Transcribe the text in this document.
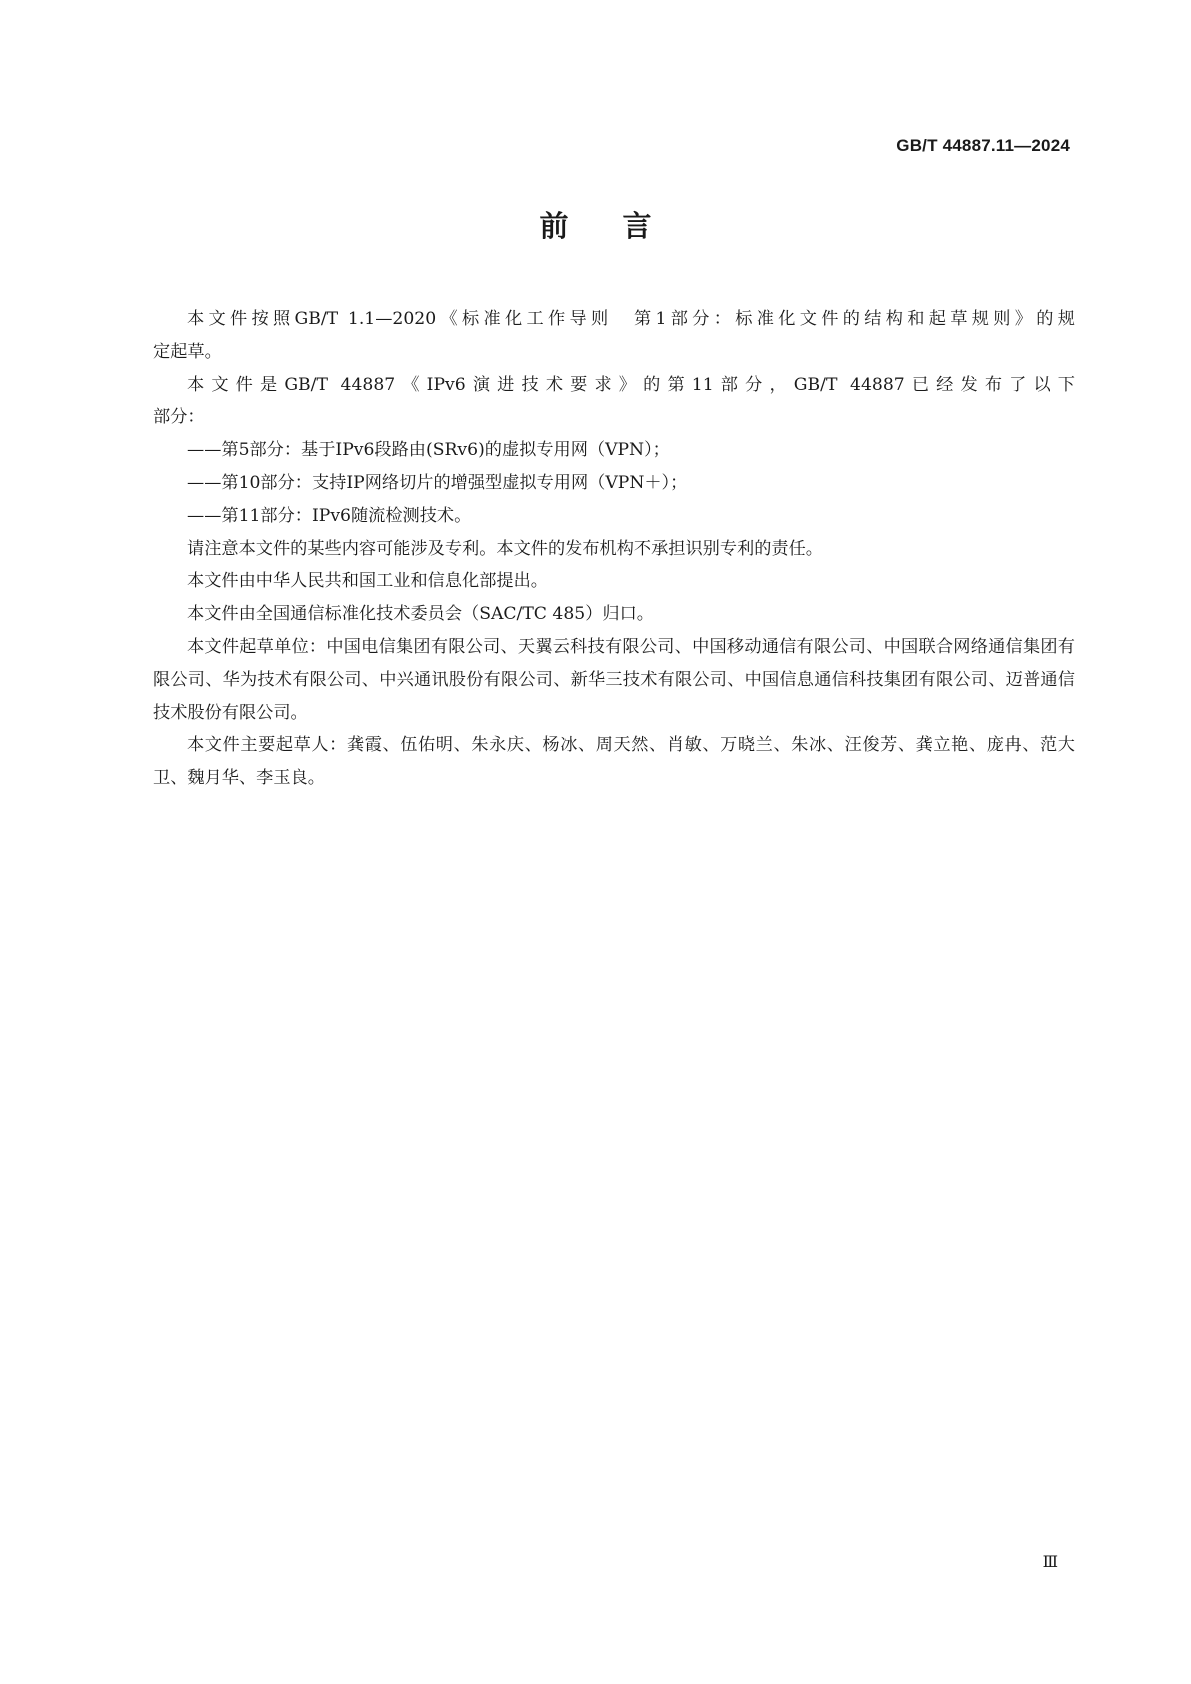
GB/T 44887.11—2024
前言

本文件按照GB/T 1.1—2020《标准化工作导则　第1部分：标准化文件的结构和起草规则》的规

定起草。

本文件是GB/T 44887《IPv6演进技术要求》的第11部分，GB/T 44887已经发布了以下

部分：

——第5部分：基于IPv6段路由(SRv6)的虚拟专用网（VPN）；

——第10部分：支持IP网络切片的增强型虚拟专用网（VPN＋）；

——第11部分：IPv6随流检测技术。

请注意本文件的某些内容可能涉及专利。本文件的发布机构不承担识别专利的责任。

本文件由中华人民共和国工业和信息化部提出。

本文件由全国通信标准化技术委员会（SAC/TC 485）归口。

本文件起草单位：中国电信集团有限公司、天翼云科技有限公司、中国移动通信有限公司、中国联合网络通信集团有限公司、华为技术有限公司、中兴通讯股份有限公司、新华三技术有限公司、中国信息通信科技集团有限公司、迈普通信技术股份有限公司。

本文件主要起草人：龚霞、伍佑明、朱永庆、杨冰、周天然、肖敏、万晓兰、朱冰、汪俊芳、龚立艳、庞冉、范大卫、魏月华、李玉良。

Ⅲ
